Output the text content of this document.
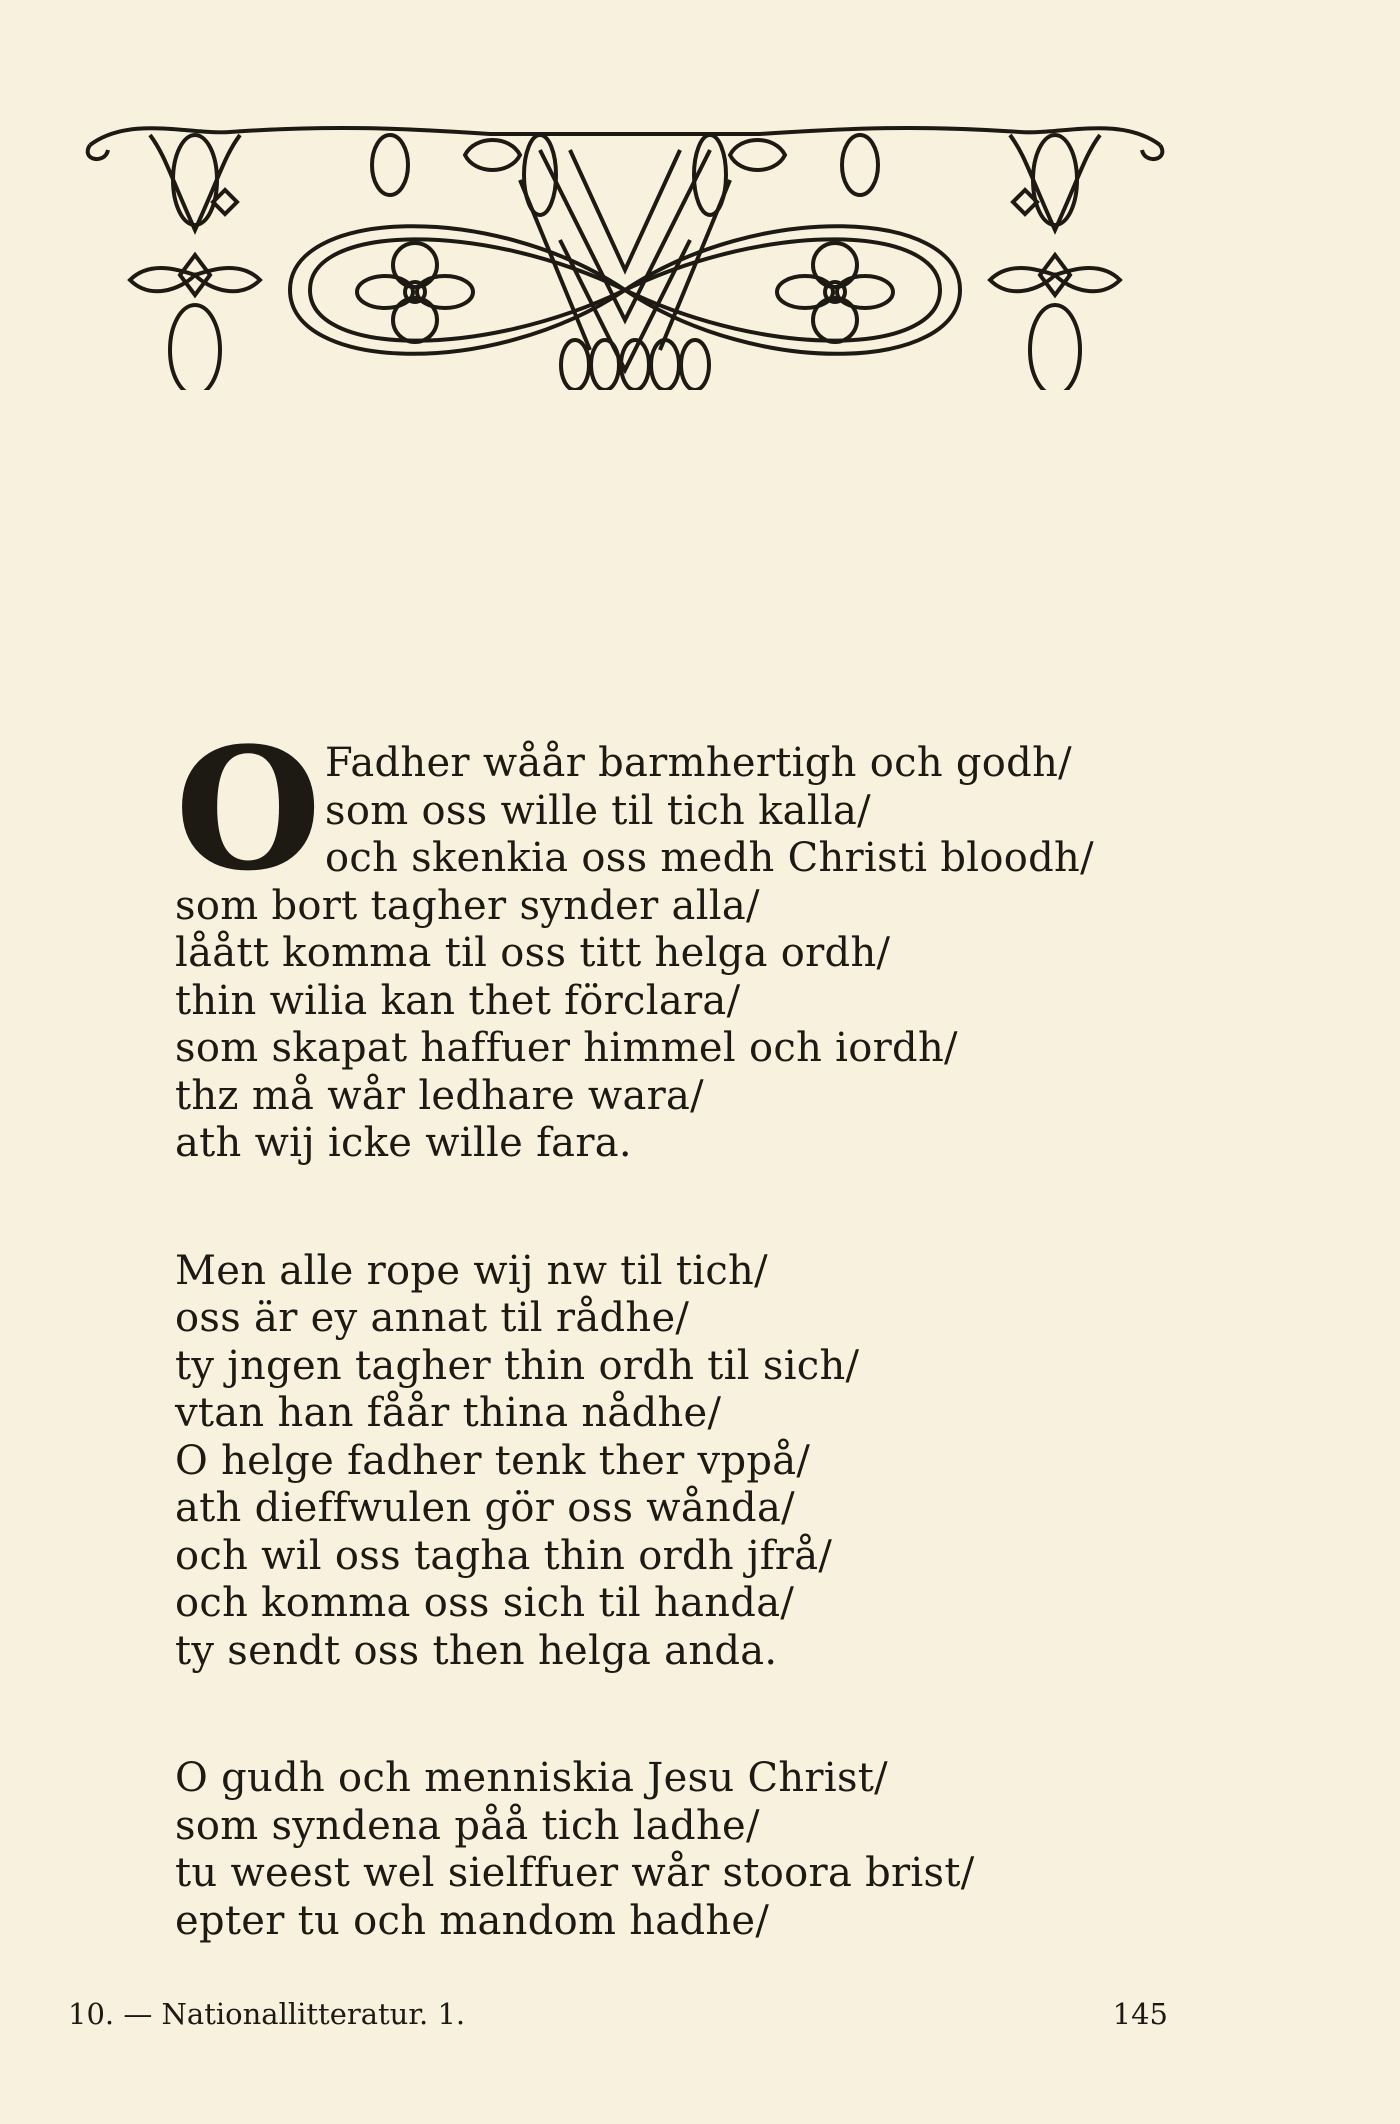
O Fadher wåår barmhertigh och godh/
som oss wille til tich kalla/
och skenkia oss medh Christi bloodh/
som bort tagher synder alla/
låått komma til oss titt helga ordh/
thin wilia kan thet förclara/
som skapat haffuer himmel och iordh/
thz må wår ledhare wara/
ath wij icke wille fara.
Men alle rope wij nw til tich/
oss är ey annat til rådhe/
ty jngen tagher thin ordh til sich/
vtan han fåår thina nådhe/
O helge fadher tenk ther vppå/
ath dieffwulen gör oss wånda/
och wil oss tagha thin ordh jfrå/
och komma oss sich til handa/
ty sendt oss then helga anda.
O gudh och menniskia Jesu Christ/
som syndena påå tich ladhe/
tu weest wel sielffuer wår stoora brist/
epter tu och mandom hadhe/
10. — Nationallitteratur. 1.	145
